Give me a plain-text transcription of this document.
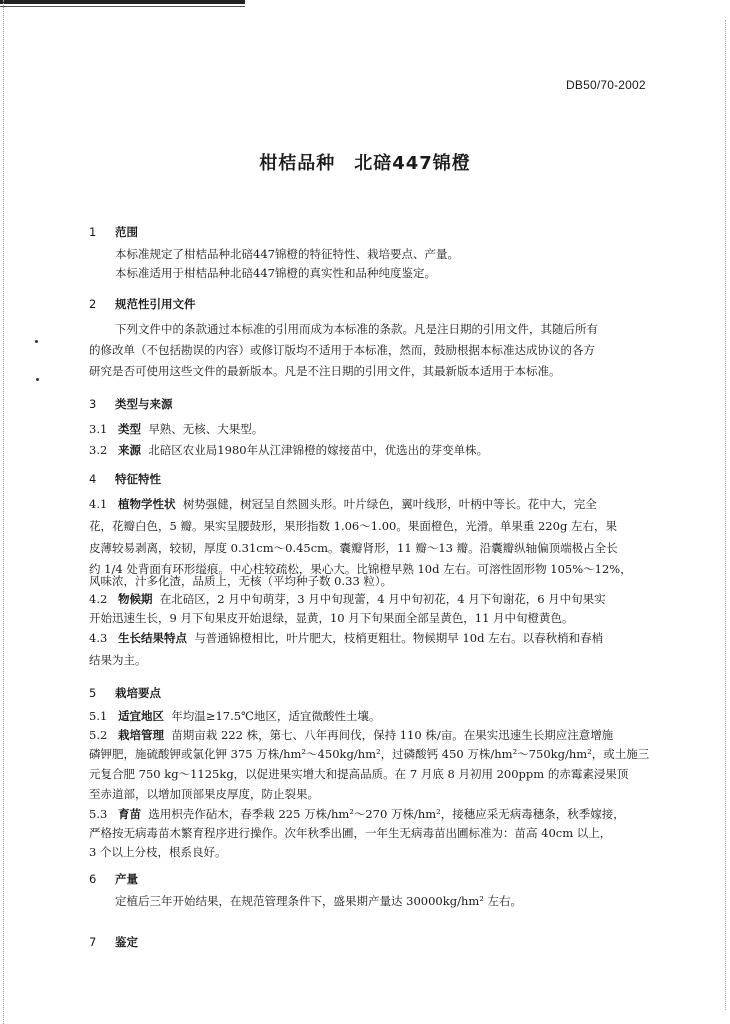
DB50/70-2002
柑桔品种　北碚447锦橙
1 范围
本标准规定了柑桔品种北碚447锦橙的特征特性、栽培要点、产量。
本标准适用于柑桔品种北碚447锦橙的真实性和品种纯度鉴定。
2 规范性引用文件
下列文件中的条款通过本标准的引用而成为本标准的条款。凡是注日期的引用文件，其随后所有
的修改单（不包括勘误的内容）或修订版均不适用于本标准，然而，鼓励根据本标准达成协议的各方
研究是否可使用这些文件的最新版本。凡是不注日期的引用文件，其最新版本适用于本标准。
3 类型与来源
3.1 类型 早熟、无核、大果型。
3.2 来源 北碚区农业局1980年从江津锦橙的嫁接苗中，优选出的芽变单株。
4 特征特性
4.1 植物学性状 树势强健，树冠呈自然圆头形。叶片绿色，翼叶线形，叶柄中等长。花中大，完全
花，花瓣白色，5 瓣。果实呈腰鼓形，果形指数 1.06～1.00。果面橙色，光滑。单果重 220g 左右，果
皮薄较易剥离，较韧，厚度 0.31cm～0.45cm。囊瓣肾形，11 瓣～13 瓣。沿囊瓣纵轴偏顶端极占全长
约 1/4 处背面有环形缢痕。中心柱较疏松，果心大。比锦橙早熟 10d 左右。可溶性固形物 105%～12%，
风味浓，汁多化渣，品质上，无核（平均种子数 0.33 粒）。
4.2 物候期 在北碚区，2 月中旬萌芽，3 月中旬现蕾，4 月中旬初花，4 月下旬谢花，6 月中旬果实
开始迅速生长，9 月下旬果皮开始退绿，显黄，10 月下旬果面全部呈黄色，11 月中旬橙黄色。
4.3 生长结果特点 与普通锦橙相比，叶片肥大，枝梢更粗壮。物候期早 10d 左右。以春秋梢和春梢
结果为主。
5 栽培要点
5.1 适宜地区 年均温≥17.5℃地区，适宜微酸性土壤。
5.2 栽培管理 苗期亩栽 222 株，第七、八年再间伐，保持 110 株/亩。在果实迅速生长期应注意增施
磷钾肥，施硫酸钾或氯化钾 375 万株/hm²～450kg/hm²，过磷酸钙 450 万株/hm²～750kg/hm²，或土施三
元复合肥 750 kg～1125kg，以促进果实增大和提高品质。在 7 月底 8 月初用 200ppm 的赤霉素浸果顶
至赤道部，以增加顶部果皮厚度，防止裂果。
5.3 育苗 选用枳壳作砧木，春季栽 225 万株/hm²～270 万株/hm²，接穗应采无病毒穗条，秋季嫁接，
严格按无病毒苗木繁育程序进行操作。次年秋季出圃，一年生无病毒苗出圃标准为：苗高 40cm 以上，
3 个以上分枝，根系良好。
6 产量
定植后三年开始结果，在规范管理条件下，盛果期产量达 30000kg/hm² 左右。
7 鉴定
